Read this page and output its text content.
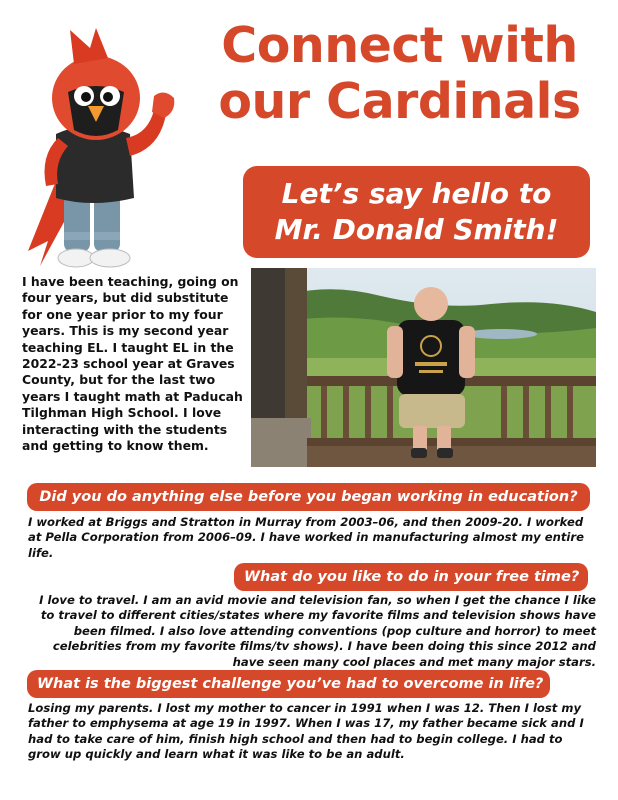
Connect with
our Cardinals
Let’s say hello to
Mr. Donald Smith!
I have been teaching, going on four years, but did substitute for one year prior to my four years. This is my second year teaching EL. I taught EL in the 2022-23 school year at Graves County, but for the last two years I taught math at Paducah Tilghman High School. I love interacting with the students and getting to know them.
Did you do anything else before you began working in education?
I worked at Briggs and Stratton in Murray from 2003–06, and then 2009-20. I worked at Pella Corporation from 2006–09. I have worked in manufacturing almost my entire life.
What do you like to do in your free time?
I love to travel. I am an avid movie and television fan, so when I get the chance I like to travel to different cities/states where my favorite films and television shows have been filmed. I also love attending conventions (pop culture and horror) to meet celebrities from my favorite films/tv shows). I have been doing this since 2012 and have seen many cool places and met many major stars.
What is the biggest challenge you’ve had to overcome in life?
Losing my parents. I lost my mother to cancer in 1991 when I was 12. Then I lost my father to emphysema at age 19 in 1997. When I was 17, my father became sick and I had to take care of him, finish high school and then had to begin college. I had to grow up quickly and learn what it was like to be an adult.
